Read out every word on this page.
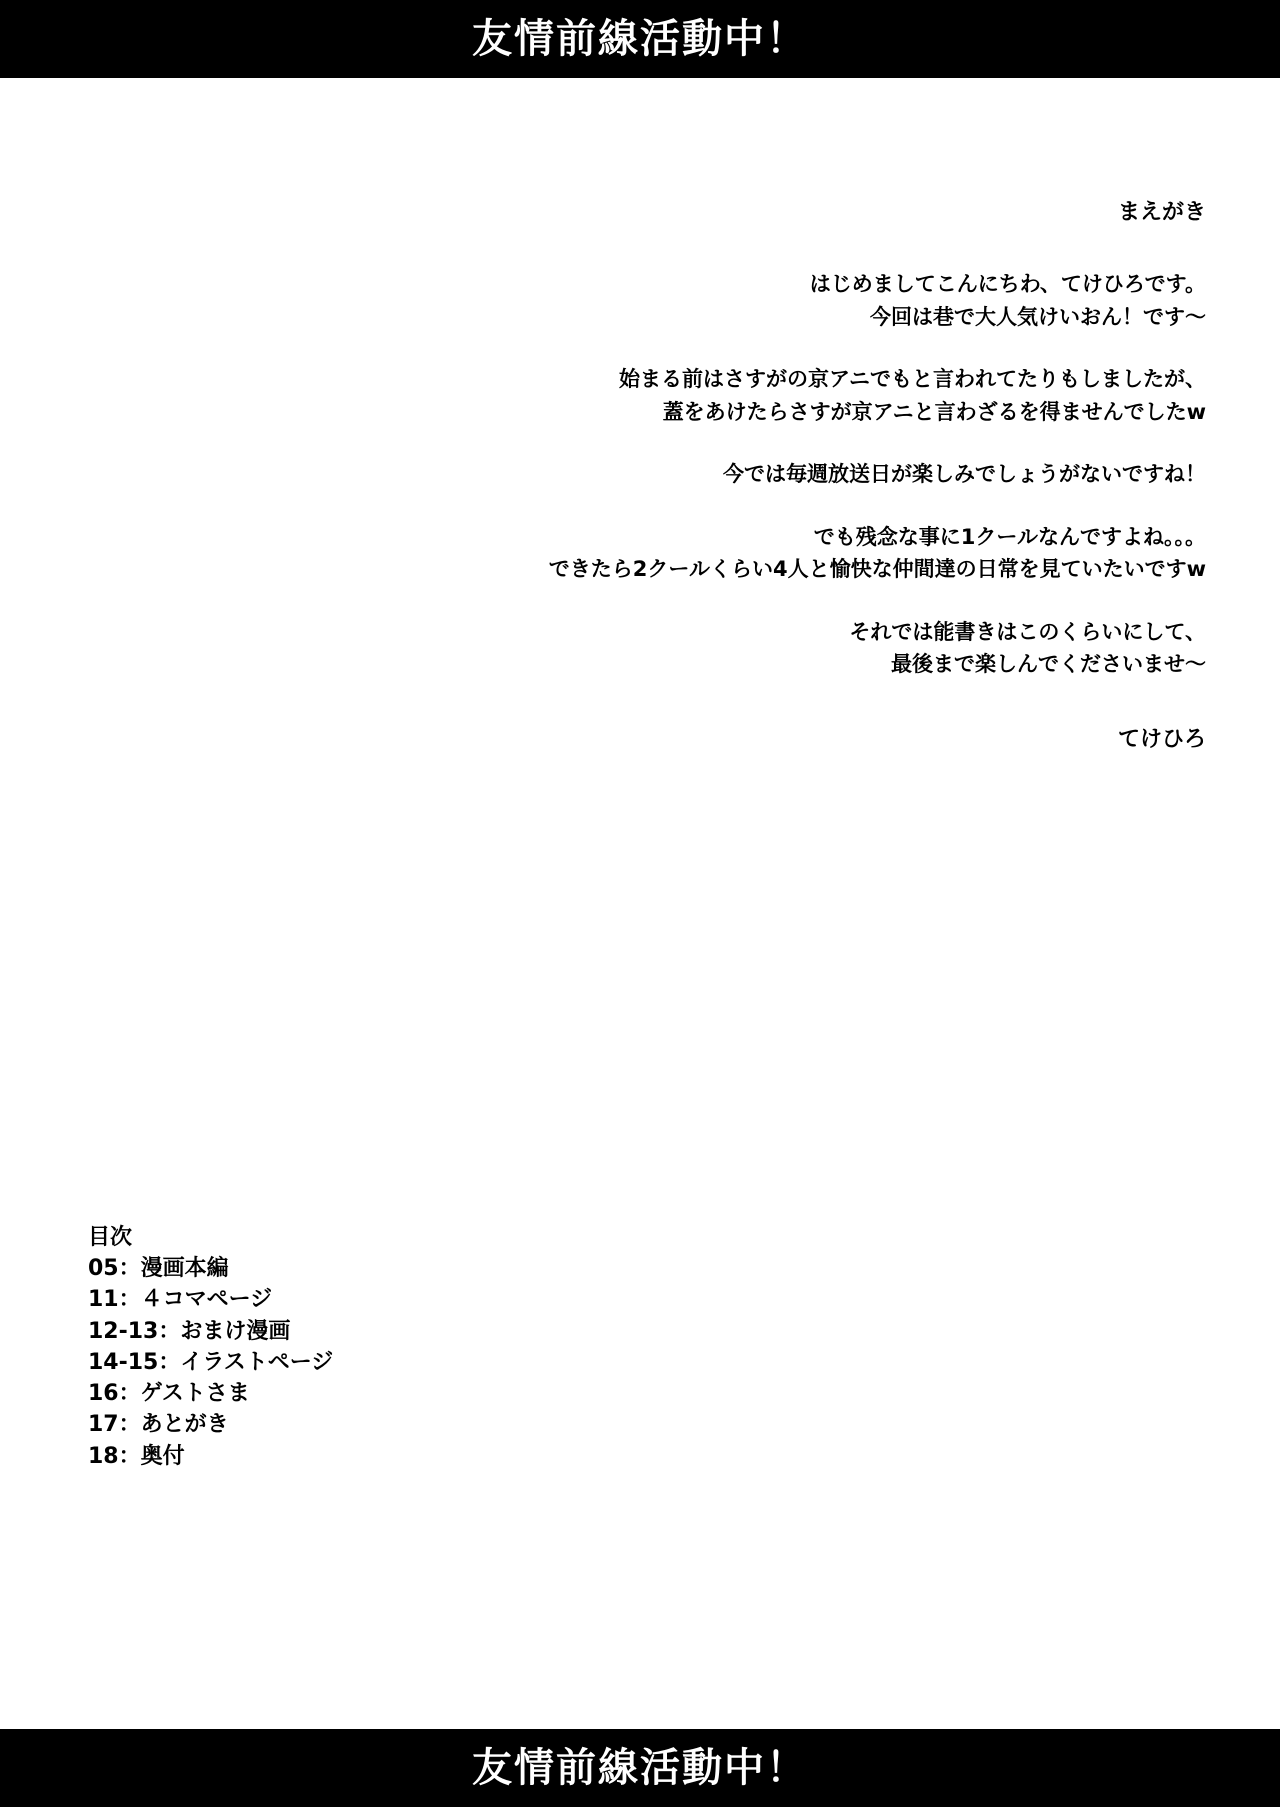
友情前線活動中！
まえがき

はじめましてこんにちわ、てけひろです。
今回は巷で大人気けいおん！です～

始まる前はさすがの京アニでもと言われてたりもしましたが、
蓋をあけたらさすが京アニと言わざるを得ませんでしたw

今では毎週放送日が楽しみでしょうがないですね！

でも残念な事に1クールなんですよね。。。
できたら2クールくらい4人と愉快な仲間達の日常を見ていたいですw

それでは能書きはこのくらいにして、
最後まで楽しんでくださいませ～

てけひろ
目次
05：漫画本編
11：４コマページ
12-13：おまけ漫画
14-15：イラストページ
16：ゲストさま
17：あとがき
18：奥付
友情前線活動中！
